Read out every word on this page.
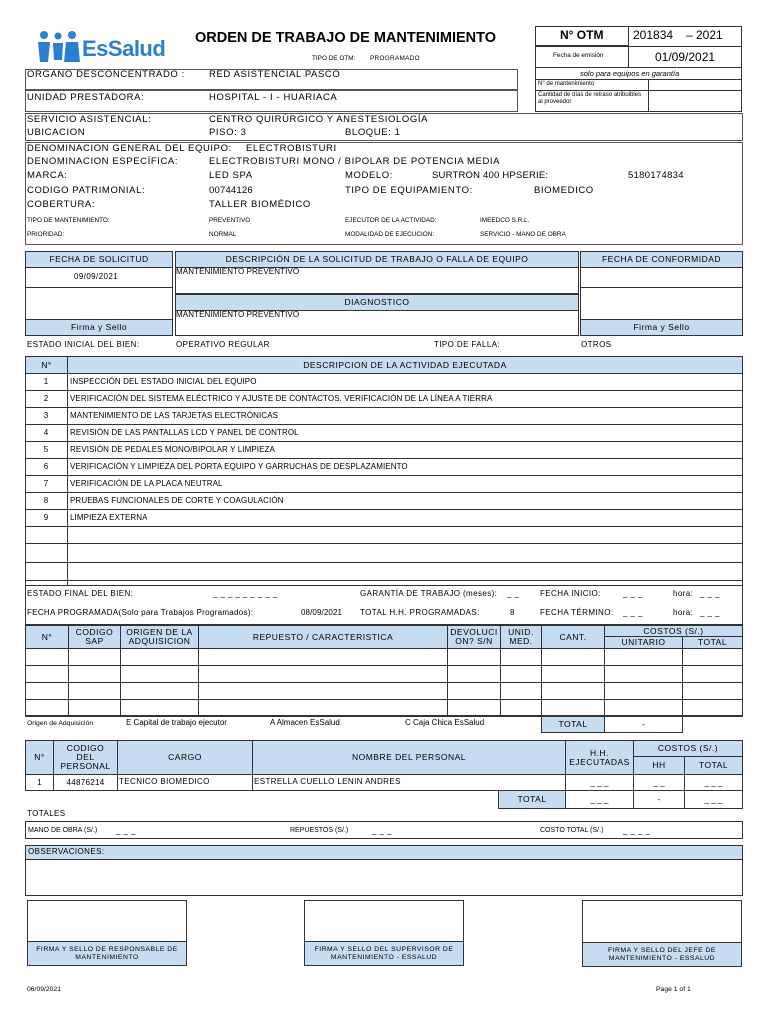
EsSalud ORDEN DE TRABAJO DE MANTENIMIENTO
TIPO DE OTM: PROGRAMADO
N° OTM 201834 – 2021
Fecha de emisión	01/09/2021
solo para equipos en garantía
N° de mantenimiento
Cantidad de días de retraso atribuibles al proveedor
ORGANO DESCONCENTRADO :	RED ASISTENCIAL PASCO
UNIDAD PRESTADORA:	HOSPITAL - I - HUARIACA
SERVICIO ASISTENCIAL:	CENTRO QUIRÚRGICO Y ANESTESIOLOGÍA
UBICACION	PISO: 3	BLOQUE: 1
DENOMINACION GENERAL DEL EQUIPO: ELECTROBISTURI
DENOMINACION ESPECÍFICA:	ELECTROBISTURI MONO / BIPOLAR DE POTENCIA MEDIA
MARCA:	LED SPA	MODELO:	SURTRON 400 HPSERIE:	5180174834
CODIGO PATRIMONIAL:	00744126	TIPO DE EQUIPAMIENTO:	BIOMEDICO
COBERTURA:	TALLER BIOMÉDICO
TIPO DE MANTENIMIENTO:	PREVENTIVO	EJECUTOR DE LA ACTIVIDAD:	IMEEDCO S.R.L.
PRIORIDAD:	NORMAL	MODALIDAD DE EJECUCION:	SERVICIO - MANO DE OBRA
FECHA DE SOLICITUD
09/09/2021
Firma y Sello
DESCRIPCIÓN DE LA SOLICITUD DE TRABAJO O FALLA DE EQUIPO
MANTENIMIENTO PREVENTIVO
DIAGNOSTICO
MANTENIMIENTO PREVENTIVO
FECHA DE CONFORMIDAD
Firma y Sello
ESTADO INICIAL DEL BIEN:	OPERATIVO REGULAR	TIPO DE FALLA:	OTROS
N°	DESCRIPCION DE LA ACTIVIDAD EJECUTADA
1	INSPECCIÓN DEL ESTADO INICIAL DEL EQUIPO
2	VERIFICACIÓN DEL SISTEMA ELÉCTRICO Y AJUSTE DE CONTACTOS. VERIFICACIÓN DE LA LÍNEA A TIERRA
3	MANTENIMIENTO DE LAS TARJETAS ELECTRÓNICAS
4	REVISIÓN DE LAS PANTALLAS LCD Y PANEL DE CONTROL
5	REVISIÓN DE PEDALES MONO/BIPOLAR Y LIMPIEZA
6	VERIFICACIÓN Y LIMPIEZA DEL PORTA EQUIPO Y GARRUCHAS DE DESPLAZAMIENTO
7	VERIFICACIÓN DE LA PLACA NEUTRAL
8	PRUEBAS FUNCIONALES DE CORTE Y COAGULACIÓN
9	LIMPIEZA EXTERNA
ESTADO FINAL DEL BIEN:	_ _ _ _ _ _ _ _ _	GARANTÍA DE TRABAJO (meses): _ _	FECHA INICIO:	_ _ _	hora: _ _ _
FECHA PROGRAMADA(Solo para Trabajos Programados):	08/09/2021 TOTAL H.H. PROGRAMADAS:	8	FECHA TÉRMINO: _ _ _	hora: _ _ _
N°	CODIGO SAP
ORIGEN DE LA ADQUISICION	REPUESTO / CARACTERISTICA	DEVOLUCION? S/N
UNID. MED.	CANT.
COSTOS (S/.)
UNITARIO	TOTAL
Origen de Adquisición	E Capital de trabajo ejecutor	A Almacen EsSalud	C Caja Chica EsSalud	TOTAL	-
N°
CODIGO DEL PERSONAL
CARGO	NOMBRE DEL PERSONAL	H.H. EJECUTADAS
COSTOS (S/.)
HH	TOTAL
1	44876214	TECNICO BIOMEDICO	ESTRELLA CUELLO LENIN ANDRES	_ _ _	_ _	_ _ _
TOTAL	_ _ _	-	_ _ _
TOTALES
MANO DE OBRA (S/.) _ _ _	REPUESTOS (S/.)	_ _ _	COSTO TOTAL (S/.) _ _ _ _
OBSERVACIONES:
FIRMA Y SELLO DE RESPONSABLE DE MANTENIMIENTO
FIRMA Y SELLO DEL SUPERVISOR DE MANTENIMIENTO - ESSALUD
FIRMA Y SELLO DEL JEFE DE MANTENIMIENTO - ESSALUD
06/09/2021	Page 1 of 1
